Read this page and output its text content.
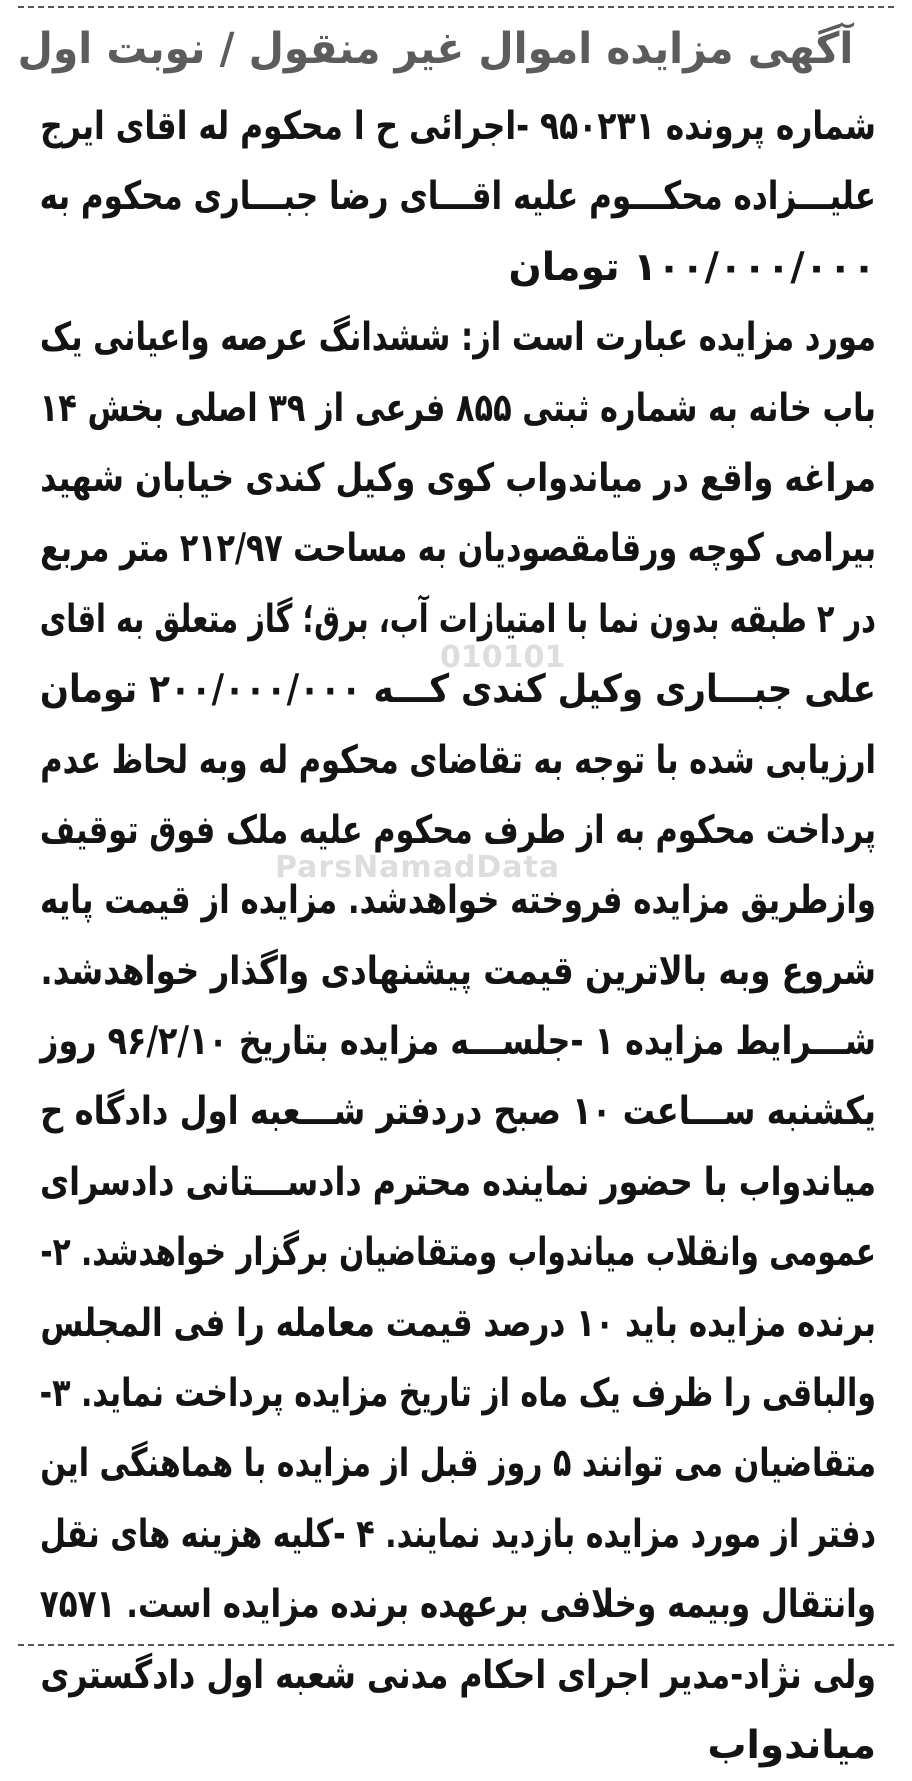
آگهی مزایده اموال غیر منقول / نوبت اول
شماره پرونده ۹۵۰۲۳۱ -اجرائی ح ا محکوم له اقای ایرج
علیـــزاده محکـــوم علیه اقـــای رضا جبـــاری محکوم به
۱۰۰/۰۰۰/۰۰۰ تومان
مورد مزایده عبارت است از: ششدانگ عرصه واعیانی یک
باب خانه به شماره ثبتی ۸۵۵ فرعی از ۳۹ اصلی بخش ۱۴
مراغه واقع در میاندواب کوی وکیل کندی خیابان شهید
بیرامی کوچه ورقامقصودیان به مساحت ۲۱۲/۹۷ متر مربع
در ۲ طبقه بدون نما با امتیازات آب، برق؛ گاز متعلق به اقای
علی جبـــاری وکیل کندی کـــه ۲۰۰/۰۰۰/۰۰۰ تومان
ارزیابی شده با توجه به تقاضای محکوم له وبه لحاظ عدم
پرداخت محکوم به از طرف محکوم علیه ملک فوق توقیف
وازطریق مزایده فروخته خواهدشد. مزایده از قیمت پایه
شروع وبه بالاترین قیمت پیشنهادی واگذار خواهدشد.
شـــرایط مزایده ۱ -جلســـه مزایده بتاریخ ۹۶/۲/۱۰ روز
یکشنبه ســـاعت ۱۰ صبح دردفتر شـــعبه اول دادگاه ح
میاندواب با حضور نماینده محترم دادســـتانی دادسرای
عمومی وانقلاب میاندواب ومتقاضیان برگزار خواهدشد. ۲-
برنده مزایده باید ۱۰ درصد قیمت معامله را فی المجلس
والباقی را ظرف یک ماه از تاریخ مزایده پرداخت نماید. ۳-
متقاضیان می توانند ۵ روز قبل از مزایده با هماهنگی این
دفتر از مورد مزایده بازدید نمایند. ۴ -کلیه هزینه های نقل
وانتقال وبیمه وخلافی برعهده برنده مزایده است. ۷۵۷۱
ولی نژاد-مدیر اجرای احکام مدنی شعبه اول دادگستری
میاندواب
010101
ParsNamadData
